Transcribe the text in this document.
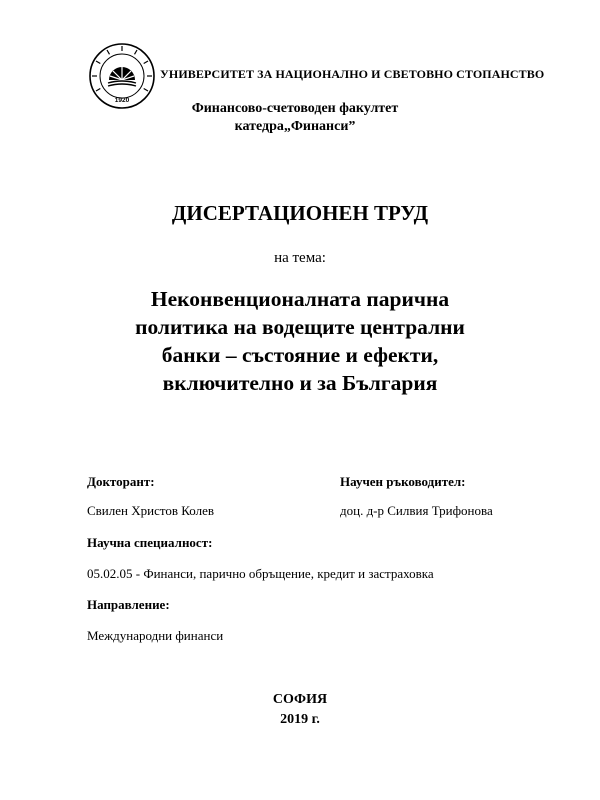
1920
УНИВЕРСИТЕТ ЗА НАЦИОНАЛНО И СВЕТОВНО СТОПАНСТВО
Финансово-счетоводен факултет
катедра„Финанси”
ДИСЕРТАЦИОНЕН ТРУД
на тема:
Неконвенционалната парична
политика на водещите централни
банки – състояние и ефекти,
включително и за България
Докторант:	Научен ръководител:
Свилен Христов Колев	доц. д-р Силвия Трифонова
Научна специалност:
05.02.05 - Финанси, парично обръщение, кредит и застраховка
Направление:
Международни финанси
СОФИЯ
2019 г.
